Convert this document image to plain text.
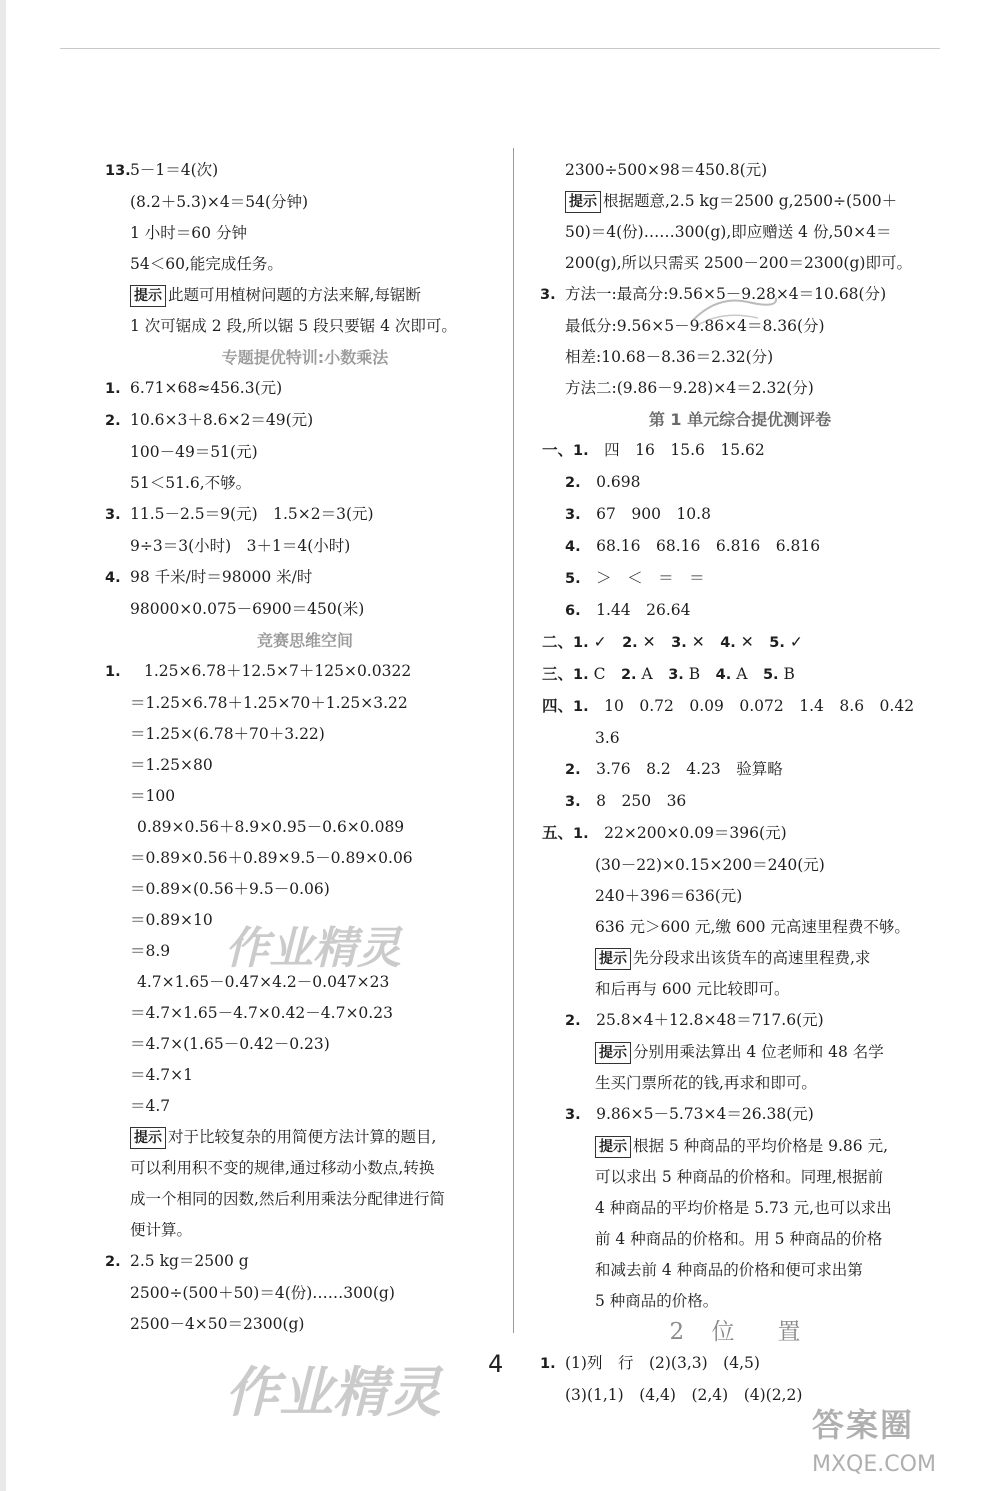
13.5－1＝4(次)
(8.2＋5.3)×4＝54(分钟)
1 小时＝60 分钟
54＜60,能完成任务。
提示 此题可用植树问题的方法来解,每锯断
1 次可锯成 2 段,所以锯 5 段只要锯 4 次即可。
专题提优特训:小数乘法
1. 6.71×68≈456.3(元)
2. 10.6×3＋8.6×2＝49(元)
100－49＝51(元)
51＜51.6,不够。
3. 11.5－2.5＝9(元)　1.5×2＝3(元)
9÷3＝3(小时)　3＋1＝4(小时)
4. 98 千米/时＝98000 米/时
98000×0.075－6900＝450(米)
竞赛思维空间
1. 1.25×6.78＋12.5×7＋125×0.0322
＝1.25×6.78＋1.25×70＋1.25×3.22
＝1.25×(6.78＋70＋3.22)
＝1.25×80
＝100
0.89×0.56＋8.9×0.95－0.6×0.089
＝0.89×0.56＋0.89×9.5－0.89×0.06
＝0.89×(0.56＋9.5－0.06)
＝0.89×10
＝8.9
4.7×1.65－0.47×4.2－0.047×23
＝4.7×1.65－4.7×0.42－4.7×0.23
＝4.7×(1.65－0.42－0.23)
＝4.7×1
＝4.7
提示 对于比较复杂的用简便方法计算的题目,
可以利用积不变的规律,通过移动小数点,转换
成一个相同的因数,然后利用乘法分配律进行简
便计算。
2. 2.5 kg＝2500 g
2500÷(500＋50)＝4(份)……300(g)
2500－4×50＝2300(g)
2300÷500×98＝450.8(元)
提示 根据题意,2.5 kg＝2500 g,2500÷(500＋
50)＝4(份)……300(g),即应赠送 4 份,50×4＝
200(g),所以只需买 2500－200＝2300(g)即可。
3. 方法一:最高分:9.56×5－9.28×4＝10.68(分)
最低分:9.56×5－9.86×4＝8.36(分)
相差:10.68－8.36＝2.32(分)
方法二:(9.86－9.28)×4＝2.32(分)
第 1 单元综合提优测评卷
一、1.　 四　16　15.6　15.62
2.　 0.698
3.　 67　900　10.8
4.　 68.16　68.16　6.816　6.816
5.　 ＞　＜　＝　＝
6.　 1.44　26.64
二、1. ✓　 2. ✕　 3. ✕　 4. ✕　 5. ✓
三、1. C　 2. A　 3. B　 4. A　 5. B
四、1.　 10　0.72　0.09　0.072　1.4　8.6　0.42
3.6
2.　 3.76　8.2　4.23　验算略
3.　 8　250　36
五、1.　 22×200×0.09＝396(元)
(30－22)×0.15×200＝240(元)
240＋396＝636(元)
636 元＞600 元,缴 600 元高速里程费不够。
提示 先分段求出该货车的高速里程费,求
和后再与 600 元比较即可。
2.　 25.8×4＋12.8×48＝717.6(元)
提示 分别用乘法算出 4 位老师和 48 名学
生买门票所花的钱,再求和即可。
3.　 9.86×5－5.73×4＝26.38(元)
提示 根据 5 种商品的平均价格是 9.86 元,
可以求出 5 种商品的价格和。同理,根据前
4 种商品的平均价格是 5.73 元,也可以求出
前 4 种商品的价格和。用 5 种商品的价格
和减去前 4 种商品的价格和便可求出第
5 种商品的价格。
2 位　置
1. (1)列　行　(2)(3,3)　(4,5)
(3)(1,1)　(4,4)　(2,4)　(4)(2,2)
作业精灵
作业精灵 4
答案圈
MXQE.COM
